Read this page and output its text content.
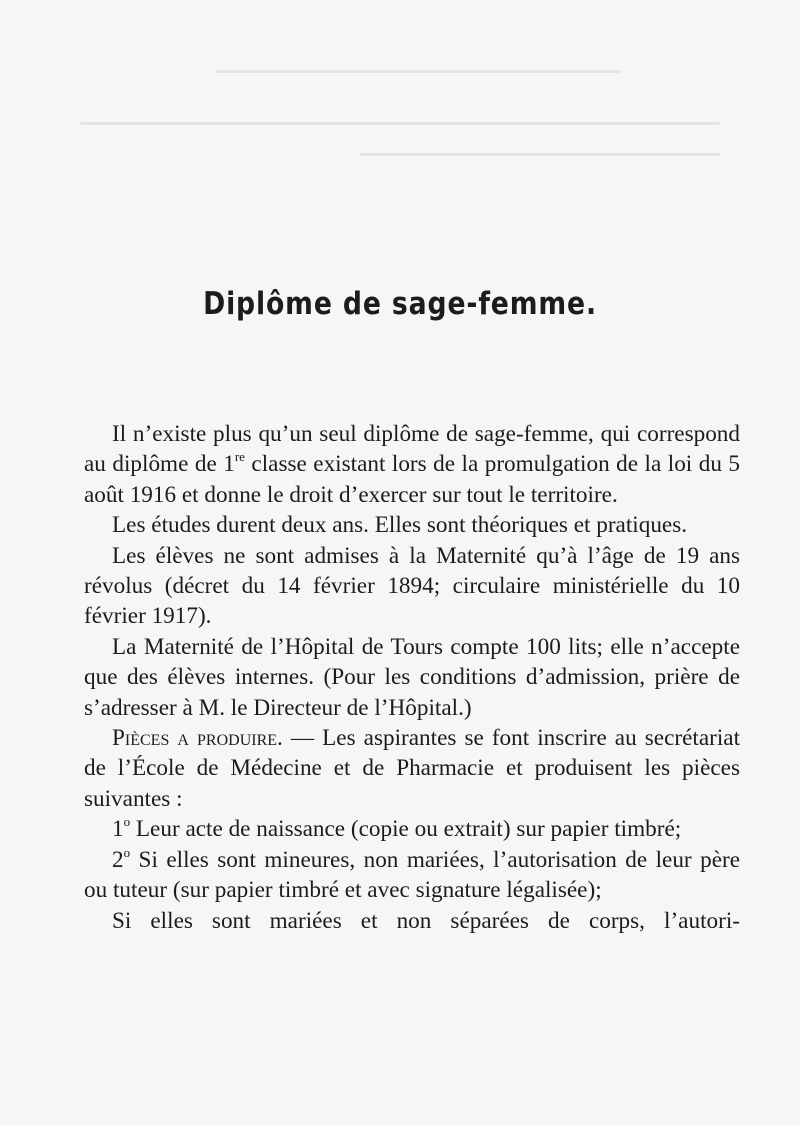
Diplôme de sage-femme.

Il n’existe plus qu’un seul diplôme de sage-femme, qui correspond au diplôme de 1re classe existant lors de la promulgation de la loi du 5 août 1916 et donne le droit d’exercer sur tout le territoire.

Les études durent deux ans. Elles sont théoriques et pratiques.

Les élèves ne sont admises à la Maternité qu’à l’âge de 19 ans révolus (décret du 14 février 1894; circulaire ministérielle du 10 février 1917).

La Maternité de l’Hôpital de Tours compte 100 lits; elle n’accepte que des élèves internes. (Pour les conditions d’admission, prière de s’adresser à M. le Directeur de l’Hôpital.)

Pièces a produire. — Les aspirantes se font inscrire au secrétariat de l’École de Médecine et de Pharmacie et produisent les pièces suivantes :

1$^o$ Leur acte de naissance (copie ou extrait) sur papier timbré;

2$^o$ Si elles sont mineures, non mariées, l’autorisation de leur père ou tuteur (sur papier timbré et avec signature légalisée);

Si elles sont mariées et non séparées de corps, l’autori-
